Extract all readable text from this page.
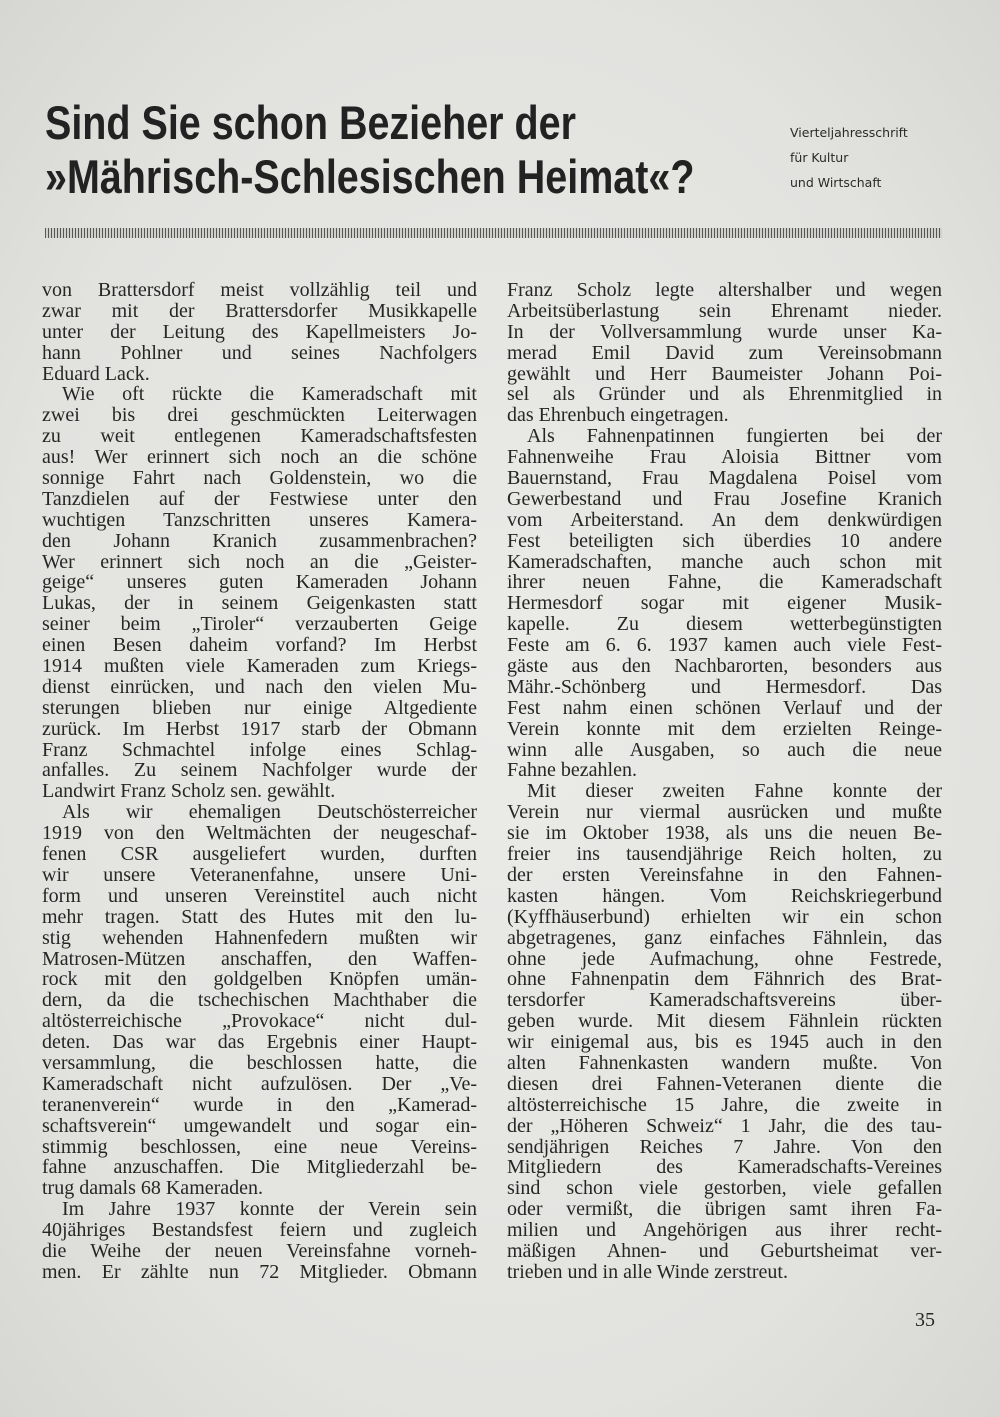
Sind Sie schon Bezieher der
»Mährisch-Schlesischen Heimat«?
Vierteljahresschrift
für Kultur
und Wirtschaft
von Brattersdorf meist vollzählig teil und
zwar mit der Brattersdorfer Musikkapelle
unter der Leitung des Kapellmeisters Jo-
hann Pohlner und seines Nachfolgers
Eduard Lack.
Wie oft rückte die Kameradschaft mit
zwei bis drei geschmückten Leiterwagen
zu weit entlegenen Kameradschaftsfesten
aus! Wer erinnert sich noch an die schöne
sonnige Fahrt nach Goldenstein, wo die
Tanzdielen auf der Festwiese unter den
wuchtigen Tanzschritten unseres Kamera-
den Johann Kranich zusammenbrachen?
Wer erinnert sich noch an die „Geister-
geige“ unseres guten Kameraden Johann
Lukas, der in seinem Geigenkasten statt
seiner beim „Tiroler“ verzauberten Geige
einen Besen daheim vorfand? Im Herbst
1914 mußten viele Kameraden zum Kriegs-
dienst einrücken, und nach den vielen Mu-
sterungen blieben nur einige Altgediente
zurück. Im Herbst 1917 starb der Obmann
Franz Schmachtel infolge eines Schlag-
anfalles. Zu seinem Nachfolger wurde der
Landwirt Franz Scholz sen. gewählt.
Als wir ehemaligen Deutschösterreicher
1919 von den Weltmächten der neugeschaf-
fenen CSR ausgeliefert wurden, durften
wir unsere Veteranenfahne, unsere Uni-
form und unseren Vereinstitel auch nicht
mehr tragen. Statt des Hutes mit den lu-
stig wehenden Hahnenfedern mußten wir
Matrosen-Mützen anschaffen, den Waffen-
rock mit den goldgelben Knöpfen umän-
dern, da die tschechischen Machthaber die
altösterreichische „Provokace“ nicht dul-
deten. Das war das Ergebnis einer Haupt-
versammlung, die beschlossen hatte, die
Kameradschaft nicht aufzulösen. Der „Ve-
teranenverein“ wurde in den „Kamerad-
schaftsverein“ umgewandelt und sogar ein-
stimmig beschlossen, eine neue Vereins-
fahne anzuschaffen. Die Mitgliederzahl be-
trug damals 68 Kameraden.
Im Jahre 1937 konnte der Verein sein
40jähriges Bestandsfest feiern und zugleich
die Weihe der neuen Vereinsfahne vorneh-
men. Er zählte nun 72 Mitglieder. Obmann
Franz Scholz legte altershalber und wegen
Arbeitsüberlastung sein Ehrenamt nieder.
In der Vollversammlung wurde unser Ka-
merad Emil David zum Vereinsobmann
gewählt und Herr Baumeister Johann Poi-
sel als Gründer und als Ehrenmitglied in
das Ehrenbuch eingetragen.
Als Fahnenpatinnen fungierten bei der
Fahnenweihe Frau Aloisia Bittner vom
Bauernstand, Frau Magdalena Poisel vom
Gewerbestand und Frau Josefine Kranich
vom Arbeiterstand. An dem denkwürdigen
Fest beteiligten sich überdies 10 andere
Kameradschaften, manche auch schon mit
ihrer neuen Fahne, die Kameradschaft
Hermesdorf sogar mit eigener Musik-
kapelle. Zu diesem wetterbegünstigten
Feste am 6. 6. 1937 kamen auch viele Fest-
gäste aus den Nachbarorten, besonders aus
Mähr.-Schönberg und Hermesdorf. Das
Fest nahm einen schönen Verlauf und der
Verein konnte mit dem erzielten Reinge-
winn alle Ausgaben, so auch die neue
Fahne bezahlen.
Mit dieser zweiten Fahne konnte der
Verein nur viermal ausrücken und mußte
sie im Oktober 1938, als uns die neuen Be-
freier ins tausendjährige Reich holten, zu
der ersten Vereinsfahne in den Fahnen-
kasten hängen. Vom Reichskriegerbund
(Kyffhäuserbund) erhielten wir ein schon
abgetragenes, ganz einfaches Fähnlein, das
ohne jede Aufmachung, ohne Festrede,
ohne Fahnenpatin dem Fähnrich des Brat-
tersdorfer Kameradschaftsvereins über-
geben wurde. Mit diesem Fähnlein rückten
wir einigemal aus, bis es 1945 auch in den
alten Fahnenkasten wandern mußte. Von
diesen drei Fahnen-Veteranen diente die
altösterreichische 15 Jahre, die zweite in
der „Höheren Schweiz“ 1 Jahr, die des tau-
sendjährigen Reiches 7 Jahre. Von den
Mitgliedern des Kameradschafts-Vereines
sind schon viele gestorben, viele gefallen
oder vermißt, die übrigen samt ihren Fa-
milien und Angehörigen aus ihrer recht-
mäßigen Ahnen- und Geburtsheimat ver-
trieben und in alle Winde zerstreut.
35
